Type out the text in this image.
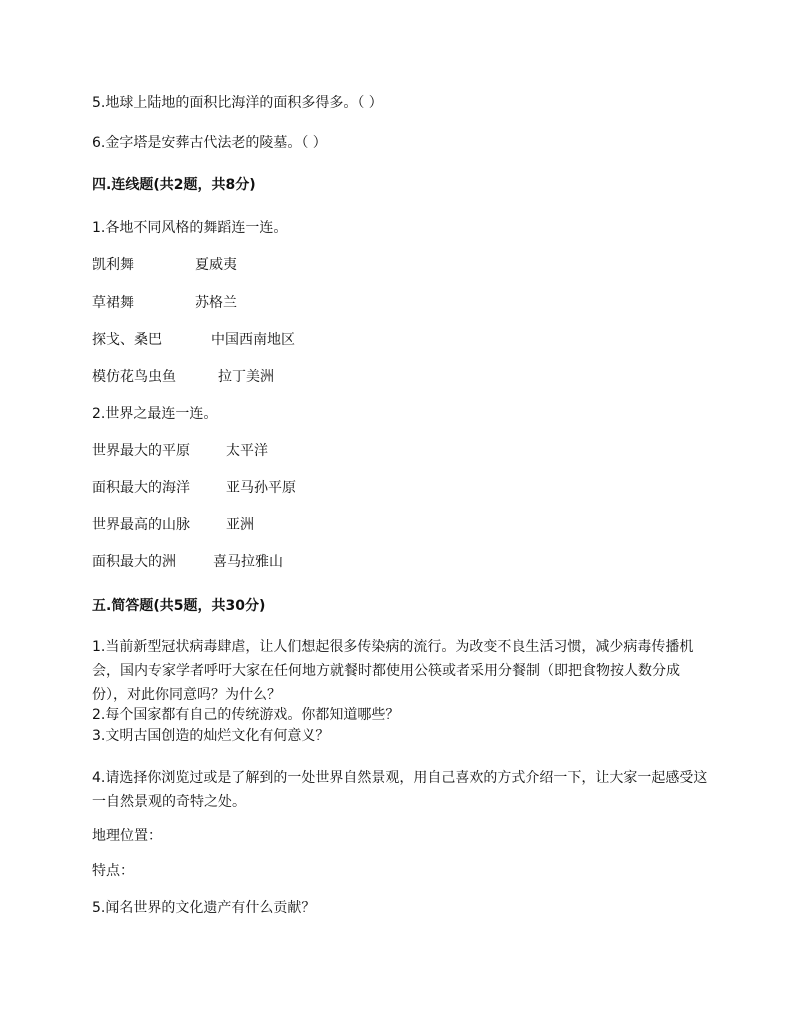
5.地球上陆地的面积比海洋的面积多得多。（ ）
6.金字塔是安葬古代法老的陵墓。（ ）
四.连线题(共2题，共8分)
1.各地不同风格的舞蹈连一连。
凯利舞	夏威夷
草裙舞	苏格兰
探戈、桑巴	中国西南地区
模仿花鸟虫鱼	拉丁美洲
2.世界之最连一连。
世界最大的平原	太平洋
面积最大的海洋	亚马孙平原
世界最高的山脉	亚洲
面积最大的洲	喜马拉雅山
五.简答题(共5题，共30分)
1.当前新型冠状病毒肆虐，让人们想起很多传染病的流行。为改变不良生活习惯，减少病毒传播机会，国内专家学者呼吁大家在任何地方就餐时都使用公筷或者采用分餐制（即把食物按人数分成份），对此你同意吗？为什么？
2.每个国家都有自己的传统游戏。你都知道哪些？
3.文明古国创造的灿烂文化有何意义？
4.请选择你浏览过或是了解到的一处世界自然景观，用自己喜欢的方式介绍一下，让大家一起感受这一自然景观的奇特之处。
地理位置：
特点：
5.闻名世界的文化遗产有什么贡献？
